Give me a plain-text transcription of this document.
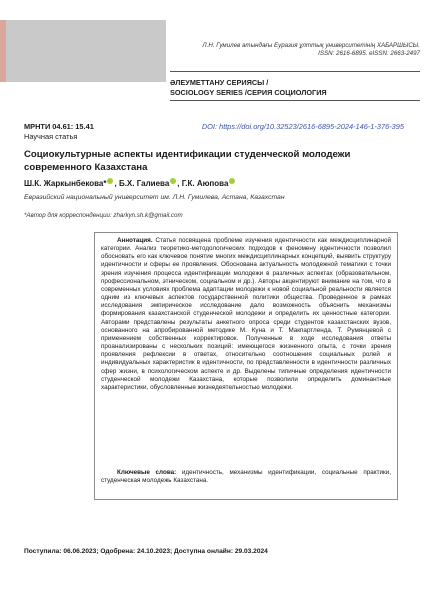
Л.Н. Гумилев атындағы Еуразия ұлттық университетінің ХАБАРШЫСЫ.
ISSN: 2616-6895. eISSN: 2663-2497
ӘЛЕУМЕТТАНУ СЕРИЯСЫ /
SOCIOLOGY SERIES /СЕРИЯ СОЦИОЛОГИЯ
МРНТИ 04.61: 15.41
Научная статья
DOI: https://doi.org/10.32523/2616-6895-2024-146-1-376-395
Социокультурные аспекты идентификации студенческой молодежи современного Казахстана
Ш.К. Жаркынбекова* , Б.Х. Галиева , Г.К. Аюпова
Евразийский национальный университет им. Л.Н. Гумилева, Астана, Казахстан
*Автор для корреспонденции: zharkyn.sh.k@gmail.com
Аннотация. Статья посвящена проблеме изучения идентичности как междисциплинарной категории. Анализ теоретико-методологических подходов к феномену идентичности позволил обосновать его как ключевое понятие многих междисциплинарных концепций, выявить структуру идентичности и сферы ее проявления. Обоснована актуальность молодежной тематики с точки зрения изучения процесса идентификации молодежи в различных аспектах (образовательном, профессиональном, этническом, социальном и др.). Авторы акцентируют внимание на том, что в современных условиях проблема адаптации молодежи к новой социальной реальности является одним из ключевых аспектов государственной политики общества. Проведенное в рамках исследования эмпирическое исследование дало возможность объяснить механизмы формирования казахстанской студенческой молодежи и определить их ценностные категории. Авторами представлены результаты анкетного опроса среди студентов казахстанских вузов, основанного на апробированной методике М. Куна и Т. Макпартленда, Т. Румянцевой с применением собственных корректировок. Полученные в ходе исследования ответы проанализированы с нескольких позиций: имеющегося жизненного опыта, с точки зрения проявления рефлексии в ответах, относительно соотношения социальных ролей и индивидуальных характеристик в идентичности, по представленности в идентичности различных сфер жизни, в психологическом аспекте и др. Выделены типичные определения идентичности студенческой молодежи Казахстана, которые позволили определить доминантные характеристики, обусловленные жизнедеятельностью молодежи.
Ключевые слова: идентичность, механизмы идентификации, социальные практики, студенческая молодежь Казахстана.
Поступила: 06.06.2023; Одобрена: 24.10.2023; Доступна онлайн: 29.03.2024
